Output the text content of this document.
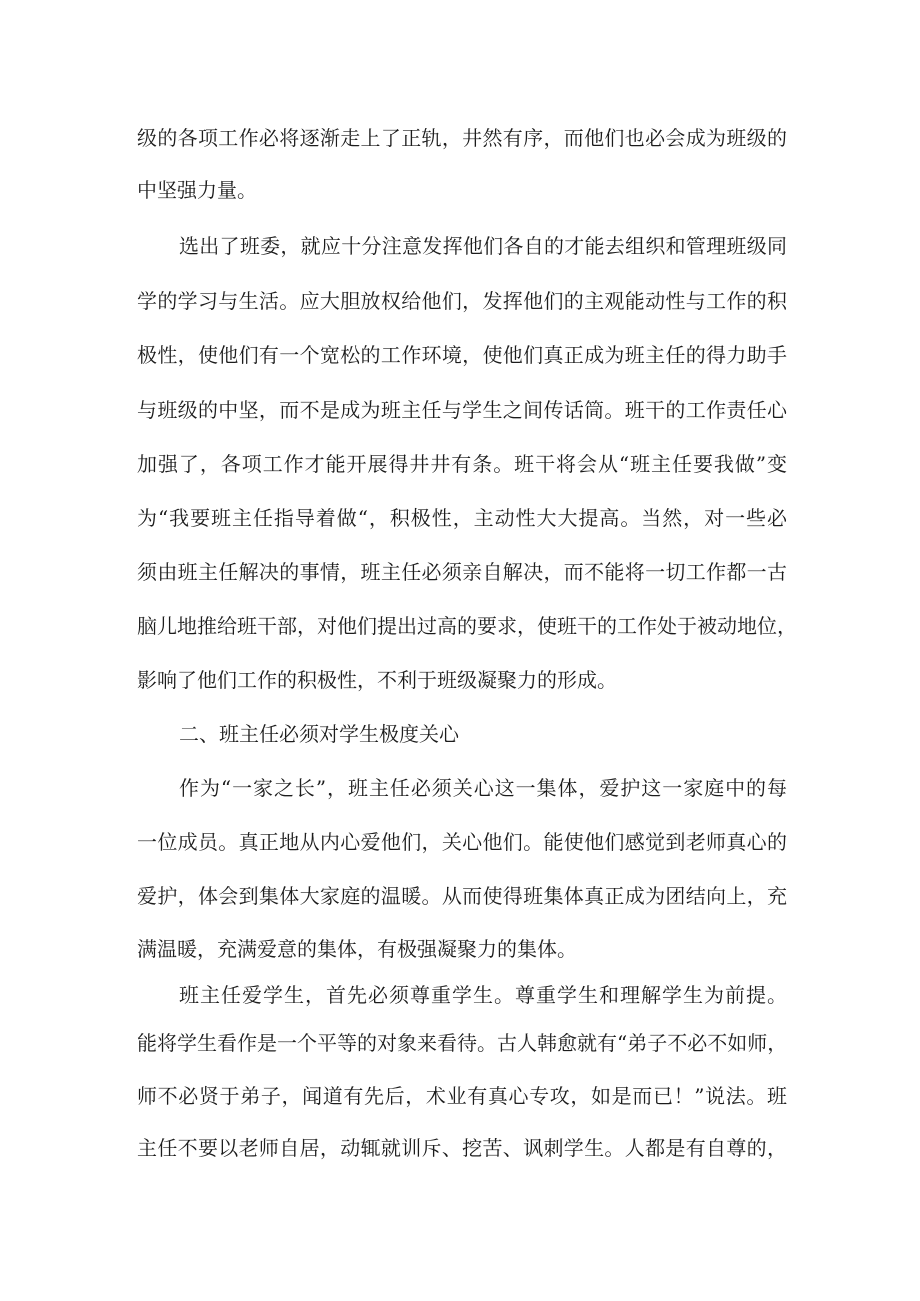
级的各项工作必将逐渐走上了正轨，井然有序，而他们也必会成为班级的

中坚强力量。

选出了班委，就应十分注意发挥他们各自的才能去组织和管理班级同

学的学习与生活。应大胆放权给他们，发挥他们的主观能动性与工作的积

极性，使他们有一个宽松的工作环境，使他们真正成为班主任的得力助手

与班级的中坚，而不是成为班主任与学生之间传话筒。班干的工作责任心

加强了，各项工作才能开展得井井有条。班干将会从“班主任要我做”变

为“我要班主任指导着做“，积极性，主动性大大提高。当然，对一些必

须由班主任解决的事情，班主任必须亲自解决，而不能将一切工作都一古

脑儿地推给班干部，对他们提出过高的要求，使班干的工作处于被动地位，

影响了他们工作的积极性，不利于班级凝聚力的形成。

二、班主任必须对学生极度关心

作为“一家之长”，班主任必须关心这一集体，爱护这一家庭中的每

一位成员。真正地从内心爱他们，关心他们。能使他们感觉到老师真心的

爱护，体会到集体大家庭的温暖。从而使得班集体真正成为团结向上，充

满温暖，充满爱意的集体，有极强凝聚力的集体。

班主任爱学生，首先必须尊重学生。尊重学生和理解学生为前提。

能将学生看作是一个平等的对象来看待。古人韩愈就有“弟子不必不如师，

师不必贤于弟子，闻道有先后，术业有真心专攻，如是而已！”说法。班

主任不要以老师自居，动辄就训斥、挖苦、讽刺学生。人都是有自尊的，
